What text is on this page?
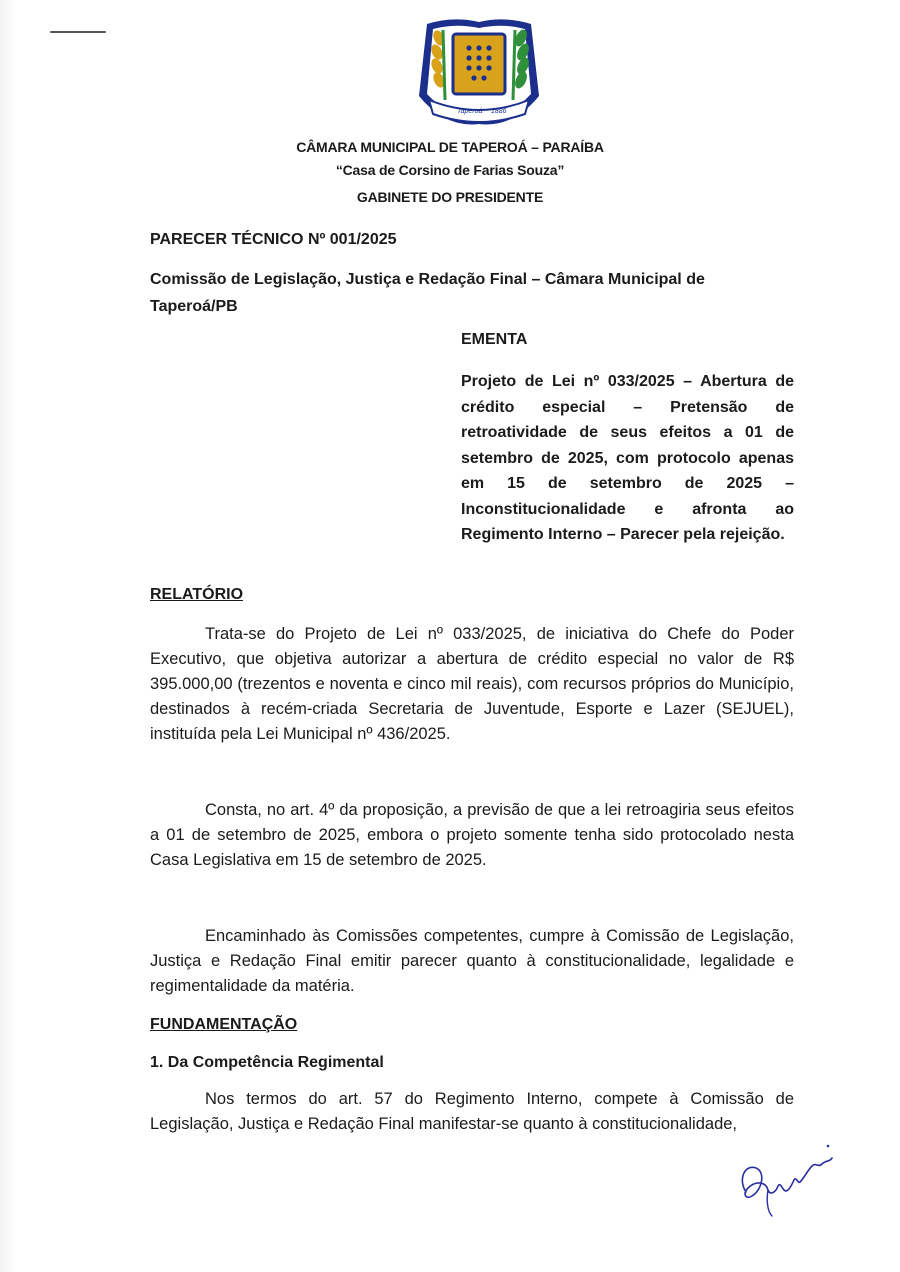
Taperoá 1886
CÂMARA MUNICIPAL DE TAPEROÁ – PARAÍBA
“Casa de Corsino de Farias Souza”
GABINETE DO PRESIDENTE
PARECER TÉCNICO Nº 001/2025
Comissão de Legislação, Justiça e Redação Final – Câmara Municipal de Taperoá/PB
EMENTA
Projeto de Lei nº 033/2025 – Abertura de crédito especial – Pretensão de retroatividade de seus efeitos a 01 de setembro de 2025, com protocolo apenas em 15 de setembro de 2025 – Inconstitucionalidade e afronta ao Regimento Interno – Parecer pela rejeição.
RELATÓRIO
Trata-se do Projeto de Lei nº 033/2025, de iniciativa do Chefe do Poder Executivo, que objetiva autorizar a abertura de crédito especial no valor de R$ 395.000,00 (trezentos e noventa e cinco mil reais), com recursos próprios do Município, destinados à recém-criada Secretaria de Juventude, Esporte e Lazer (SEJUEL), instituída pela Lei Municipal nº 436/2025.
Consta, no art. 4º da proposição, a previsão de que a lei retroagiria seus efeitos a 01 de setembro de 2025, embora o projeto somente tenha sido protocolado nesta Casa Legislativa em 15 de setembro de 2025.
Encaminhado às Comissões competentes, cumpre à Comissão de Legislação, Justiça e Redação Final emitir parecer quanto à constitucionalidade, legalidade e regimentalidade da matéria.
FUNDAMENTAÇÃO
1. Da Competência Regimental
Nos termos do art. 57 do Regimento Interno, compete à Comissão de Legislação, Justiça e Redação Final manifestar-se quanto à constitucionalidade,
